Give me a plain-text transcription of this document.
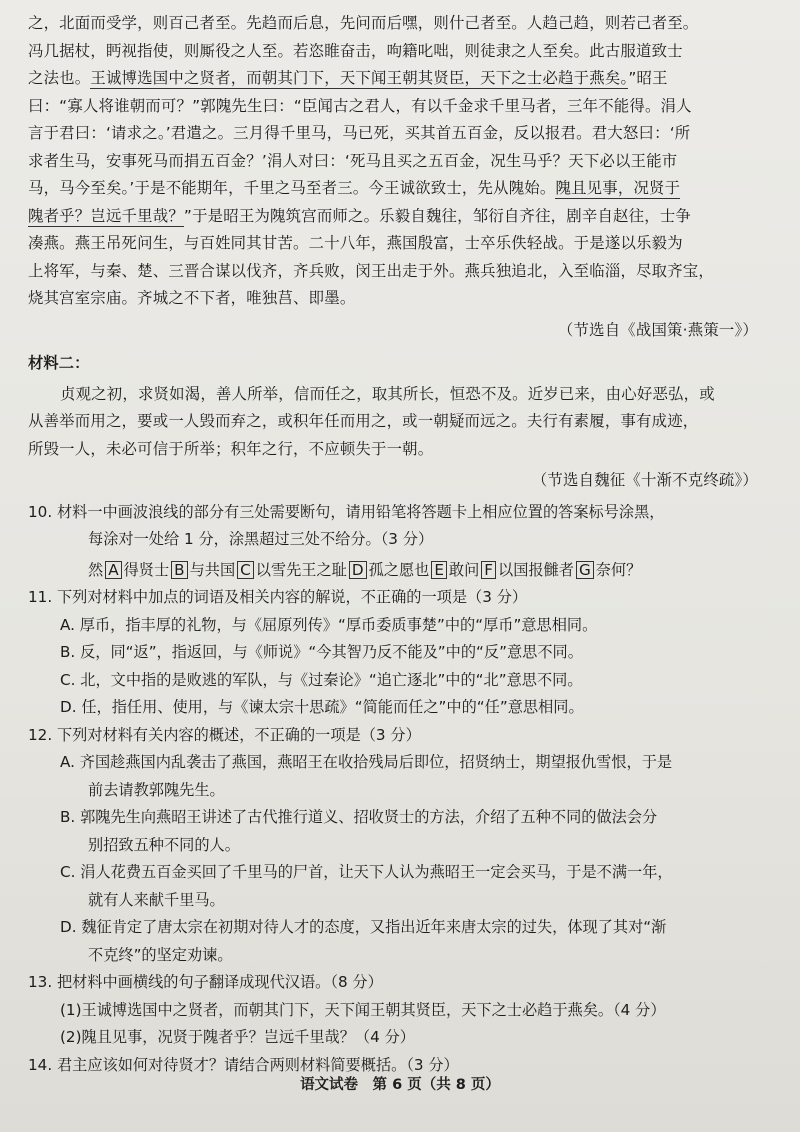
之，北面而受学，则百己者至。先趋而后息，先问而后嘿，则什己者至。人趋己趋，则若己者至。
冯几据杖，眄视指使，则厮役之人至。若恣睢奋击，呴籍叱咄，则徒隶之人至矣。此古服道致士
之法也。王诚博选国中之贤者，而朝其门下，天下闻王朝其贤臣，天下之士必趋于燕矣。”昭王
曰：“寡人将谁朝而可？”郭隗先生曰：“臣闻古之君人，有以千金求千里马者，三年不能得。涓人
言于君曰：‘请求之。’君遣之。三月得千里马，马已死，买其首五百金，反以报君。君大怒曰：‘所
求者生马，安事死马而捐五百金？’涓人对曰：‘死马且买之五百金，况生马乎？天下必以王能市
马，马今至矣。’于是不能期年，千里之马至者三。今王诚欲致士，先从隗始。隗且见事，况贤于
隗者乎？岂远千里哉？”于是昭王为隗筑宫而师之。乐毅自魏往，邹衍自齐往，剧辛自赵往，士争
凑燕。燕王吊死问生，与百姓同其甘苦。二十八年，燕国殷富，士卒乐佚轻战。于是遂以乐毅为
上将军，与秦、楚、三晋合谋以伐齐，齐兵败，闵王出走于外。燕兵独追北，入至临淄，尽取齐宝，
烧其宫室宗庙。齐城之不下者，唯独莒、即墨。
（节选自《战国策·燕策一》）
材料二：
贞观之初，求贤如渴，善人所举，信而任之，取其所长，恒恐不及。近岁已来，由心好恶弘，或
从善举而用之，要或一人毁而弃之，或积年任而用之，或一朝疑而远之。夫行有素履，事有成迹，
所毁一人，未必可信于所举；积年之行，不应顿失于一朝。
（节选自魏征《十渐不克终疏》）
10. 材料一中画波浪线的部分有三处需要断句，请用铅笔将答题卡上相应位置的答案标号涂黑，
每涂对一处给 1 分，涂黑超过三处不给分。（3 分）
然 A 得贤士 B 与共国 C 以雪先王之耻 D 孤之愿也 E 敢问 F 以国报雠者 G 奈何？
11. 下列对材料中加点的词语及相关内容的解说，不正确的一项是（3 分）
A. 厚币，指丰厚的礼物，与《屈原列传》“厚币委质事楚”中的“厚币”意思相同。
B. 反，同“返”，指返回，与《师说》“今其智乃反不能及”中的“反”意思不同。
C. 北，文中指的是败逃的军队，与《过秦论》“追亡逐北”中的“北”意思不同。
D. 任，指任用、使用，与《谏太宗十思疏》“简能而任之”中的“任”意思相同。
12. 下列对材料有关内容的概述，不正确的一项是（3 分）
A. 齐国趁燕国内乱袭击了燕国，燕昭王在收拾残局后即位，招贤纳士，期望报仇雪恨，于是
前去请教郭隗先生。
B. 郭隗先生向燕昭王讲述了古代推行道义、招收贤士的方法，介绍了五种不同的做法会分
别招致五种不同的人。
C. 涓人花费五百金买回了千里马的尸首，让天下人认为燕昭王一定会买马，于是不满一年，
就有人来献千里马。
D. 魏征肯定了唐太宗在初期对待人才的态度，又指出近年来唐太宗的过失，体现了其对“渐
不克终”的坚定劝谏。
13. 把材料中画横线的句子翻译成现代汉语。（8 分）
(1)王诚博选国中之贤者，而朝其门下，天下闻王朝其贤臣，天下之士必趋于燕矣。（4 分）
(2)隗且见事，况贤于隗者乎？岂远千里哉？（4 分）
14. 君主应该如何对待贤才？请结合两则材料简要概括。（3 分）
语文试卷　第 6 页（共 8 页）
